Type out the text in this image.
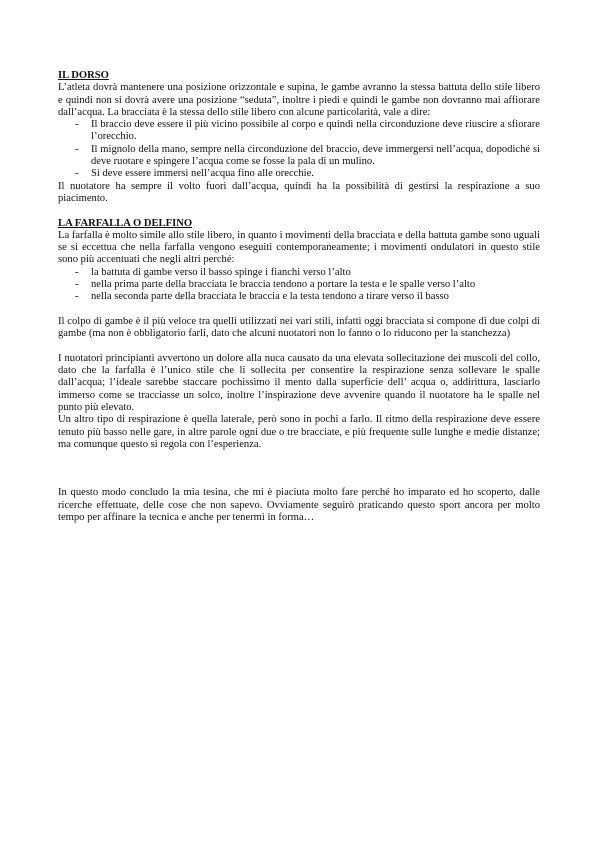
IL DORSO

L’atleta dovrà mantenere una posizione orizzontale e supina, le gambe avranno la stessa battuta dello stile libero e quindi non si dovrà avere una posizione “seduta”, inoltre i piedi e quindi le gambe non dovranno mai affiorare dall’acqua. La bracciata è la stessa dello stile libero con alcune particolarità, vale a dire:

- Il braccio deve essere il più vicino possibile al corpo e quindi nella circonduzione deve riuscire a sfiorare l’orecchio.
- Il mignolo della mano, sempre nella circonduzione del braccio, deve immergersi nell’acqua, dopodiché si deve ruotare e spingere l’acqua come se fosse la pala di un mulino.
- Si deve essere immersi nell’acqua fino alle orecchie.

Il nuotatore ha sempre il volto fuori dall’acqua, quindi ha la possibilità di gestirsi la respirazione a suo piacimento.

LA FARFALLA O DELFINO

La farfalla è molto simile allo stile libero, in quanto i movimenti della bracciata e della battuta gambe sono uguali se si eccettua che nella farfalla vengono eseguiti contemporaneamente; i movimenti ondulatori in questo stile sono più accentuati che negli altri perché:

- la battuta di gambe verso il basso spinge i fianchi verso l’alto
- nella prima parte della bracciata le braccia tendono a portare la testa e le spalle verso l’alto
- nella seconda parte della bracciata le braccia e la testa tendono a tirare verso il basso

Il colpo di gambe è il più veloce tra quelli utilizzati nei vari stili, infatti oggi bracciata si compone di due colpi di gambe (ma non è obbligatorio farli, dato che alcuni nuotatori non lo fanno o lo riducono per la stanchezza)

I nuotatori principianti avvertono un dolore alla nuca causato da una elevata sollecitazione dei muscoli del collo, dato che la farfalla è l’unico stile che li sollecita per consentire la respirazione senza sollevare le spalle dall’acqua; l’ideale sarebbe staccare pochissimo il mento dalla superficie dell’ acqua o, addirittura, lasciarlo immerso come se tracciasse un solco, inoltre l’inspirazione deve avvenire quando il nuotatore ha le spalle nel punto più elevato.

Un altro tipo di respirazione è quella laterale, però sono in pochi a farlo. Il ritmo della respirazione deve essere tenuto più basso nelle gare, in altre parole ogni due o tre bracciate, e più frequente sulle lunghe e medie distanze; ma comunque questo si regola con l’esperienza.

In questo modo concludo la mia tesina, che mi è piaciuta molto fare perché ho imparato ed ho scoperto, dalle ricerche effettuate, delle cose che non sapevo. Ovviamente seguirò praticando questo sport ancora per molto tempo per affinare la tecnica e anche per tenermi in forma…
